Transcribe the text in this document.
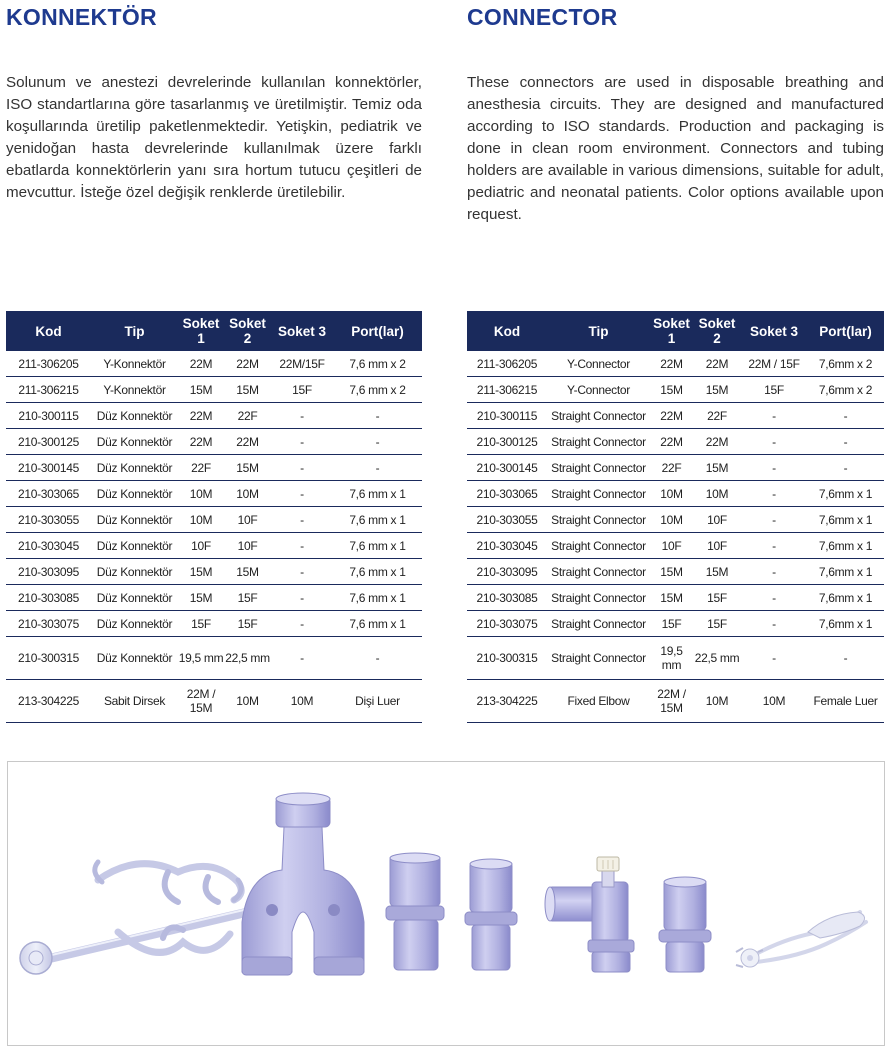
KONNEKTÖR

Solunum ve anestezi devrelerinde kullanılan konnektörler, ISO standartlarına göre tasarlanmış ve üretilmiştir. Temiz oda koşullarında üretilip paketlenmektedir. Yetişkin, pediatrik ve yenidoğan hasta devrelerinde kullanılmak üzere farklı ebatlarda konnektörlerin yanı sıra hortum tutucu çeşitleri de mevcuttur. İsteğe özel değişik renklerde üretilebilir.

Kod	Tip	Soket 1	Soket 2	Soket 3	Port(lar)
211-306205	Y-Konnektör	22M	22M	22M/15F	7,6 mm x 2
211-306215	Y-Konnektör	15M	15M	15F	7,6 mm x 2
210-300115	Düz Konnektör	22M	22F	-	-
210-300125	Düz Konnektör	22M	22M	-	-
210-300145	Düz Konnektör	22F	15M	-	-
210-303065	Düz Konnektör	10M	10M	-	7,6 mm x 1
210-303055	Düz Konnektör	10M	10F	-	7,6 mm x 1
210-303045	Düz Konnektör	10F	10F	-	7,6 mm x 1
210-303095	Düz Konnektör	15M	15M	-	7,6 mm x 1
210-303085	Düz Konnektör	15M	15F	-	7,6 mm x 1
210-303075	Düz Konnektör	15F	15F	-	7,6 mm x 1
210-300315	Düz Konnektör	19,5 mm	22,5 mm	-	-
213-304225	Sabit Dirsek	22M / 15M	10M	10M	Dişi Luer
CONNECTOR

These connectors are used in disposable breathing and anesthesia circuits. They are designed and manufactured according to ISO standards. Production and packaging is done in clean room environment. Connectors and tubing holders are available in various dimensions, suitable for adult, pediatric and neonatal patients. Color options available upon request.

Kod	Tip	Soket 1	Soket 2	Soket 3	Port(lar)
211-306205	Y-Connector	22M	22M	22M / 15F	7,6mm x 2
211-306215	Y-Connector	15M	15M	15F	7,6mm x 2
210-300115	Straight Connector	22M	22F	-	-
210-300125	Straight Connector	22M	22M	-	-
210-300145	Straight Connector	22F	15M	-	-
210-303065	Straight Connector	10M	10M	-	7,6mm x 1
210-303055	Straight Connector	10M	10F	-	7,6mm x 1
210-303045	Straight Connector	10F	10F	-	7,6mm x 1
210-303095	Straight Connector	15M	15M	-	7,6mm x 1
210-303085	Straight Connector	15M	15F	-	7,6mm x 1
210-303075	Straight Connector	15F	15F	-	7,6mm x 1
210-300315	Straight Connector	19,5 mm	22,5 mm	-	-
213-304225	Fixed Elbow	22M / 15M	10M	10M	Female Luer
